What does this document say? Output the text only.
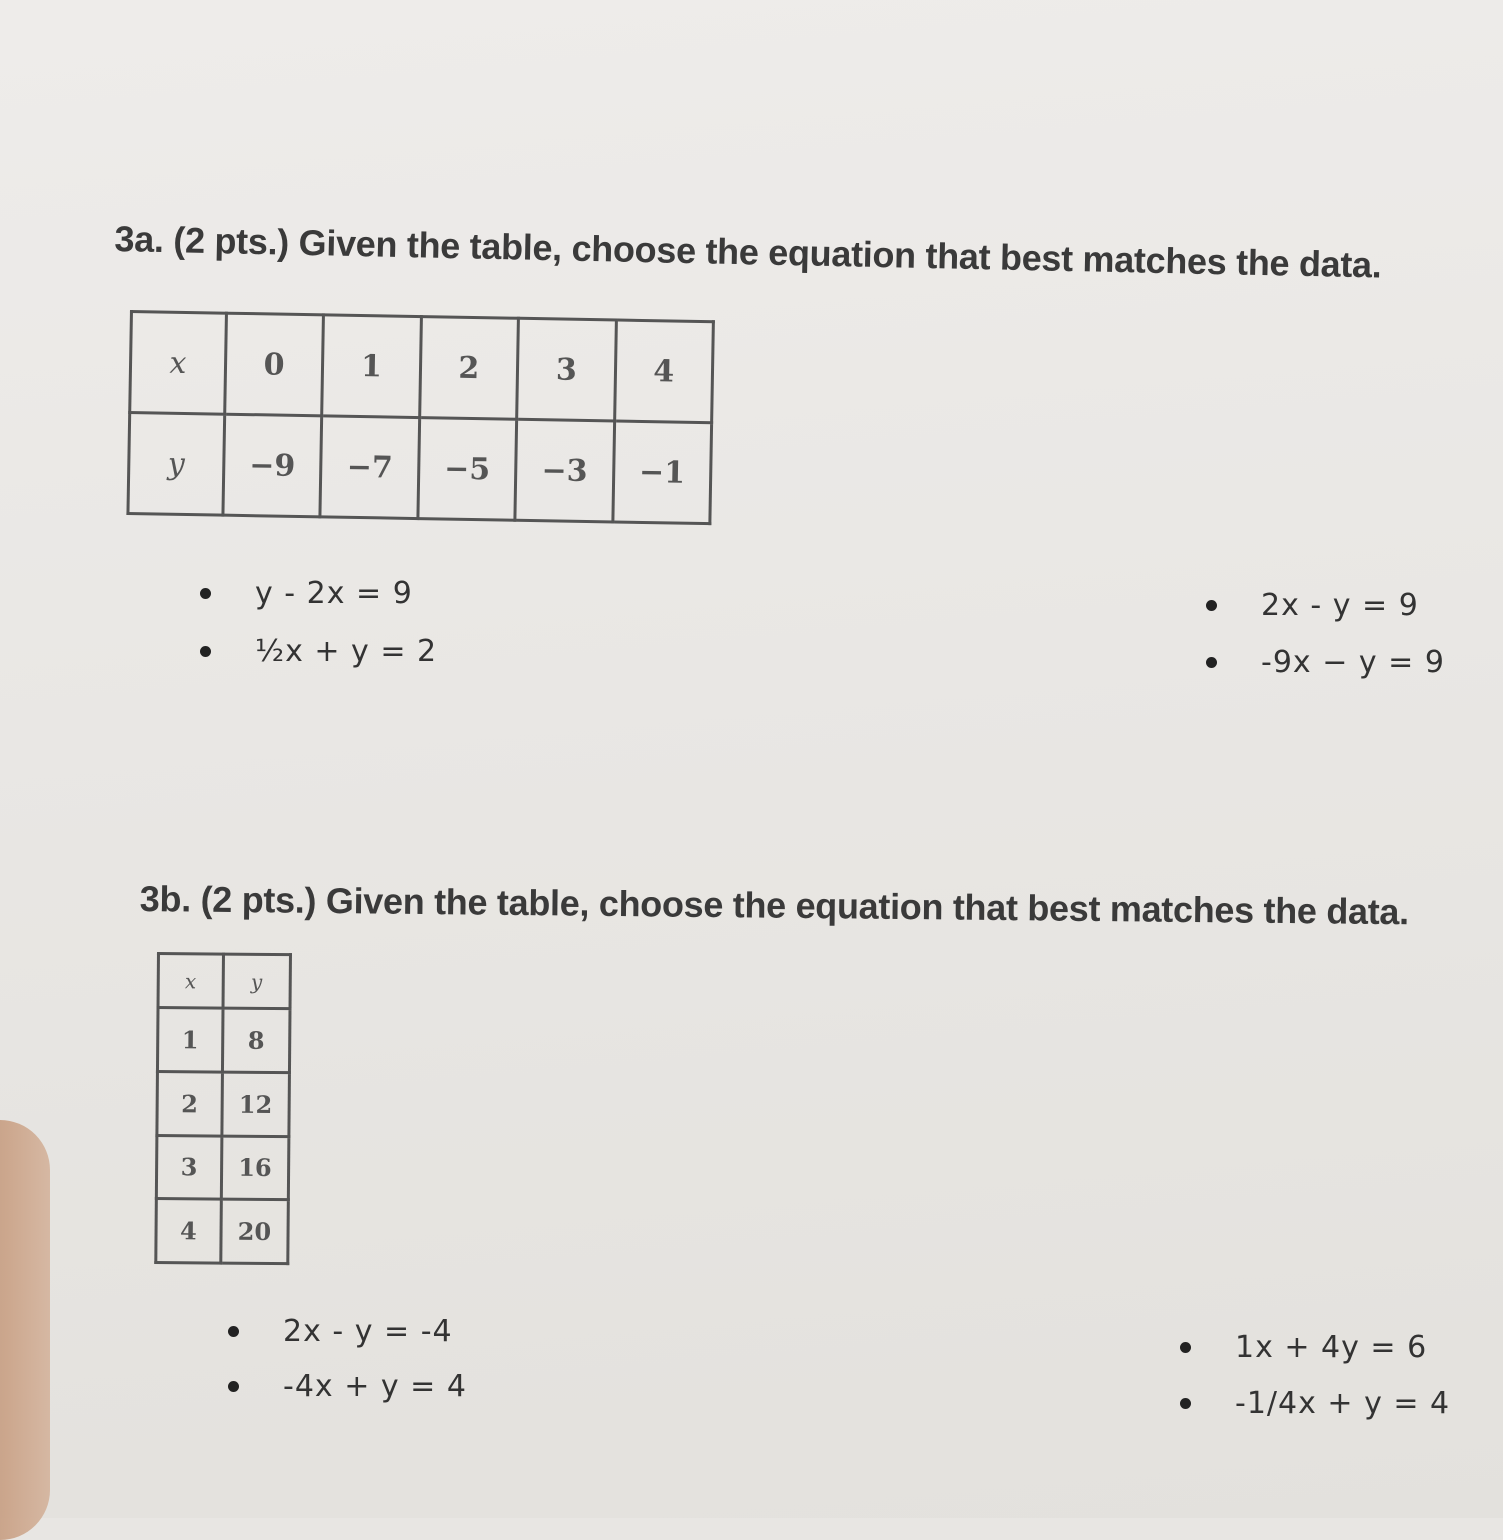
3a. (2 pts.) Given the table, choose the equation that best matches the data.
x	0	1	2	3	4
y	−9	−7	−5	−3	−1
y - 2x = 9
½x + y = 2
2x - y = 9
-9x − y = 9
3b. (2 pts.) Given the table, choose the equation that best matches the data.
x	y
1	8
2	12
3	16
4	20
2x - y = -4
-4x + y = 4
1x + 4y = 6
-1/4x + y = 4
